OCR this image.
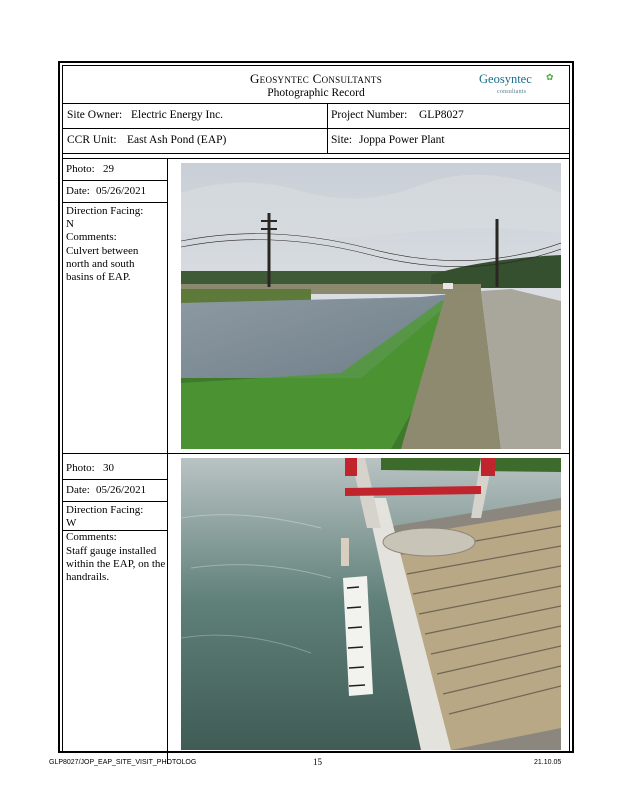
Geosyntec Consultants
Photographic Record
Geosyntec ✿
consultants
Site Owner: Electric Energy Inc.	Project Number: GLP8027
CCR Unit: East Ash Pond (EAP)	Site: Joppa Power Plant
Photo: 29
Date: 05/26/2021
Direction Facing:
N
Comments:
Culvert between north and south basins of EAP.
Photo: 30
Date: 05/26/2021
Direction Facing:
W
Comments:
Staff gauge installed within the EAP, on the handrails.
GLP8027/JOP_EAP_SITE_VISIT_PHOTOLOG	15	21.10.05
